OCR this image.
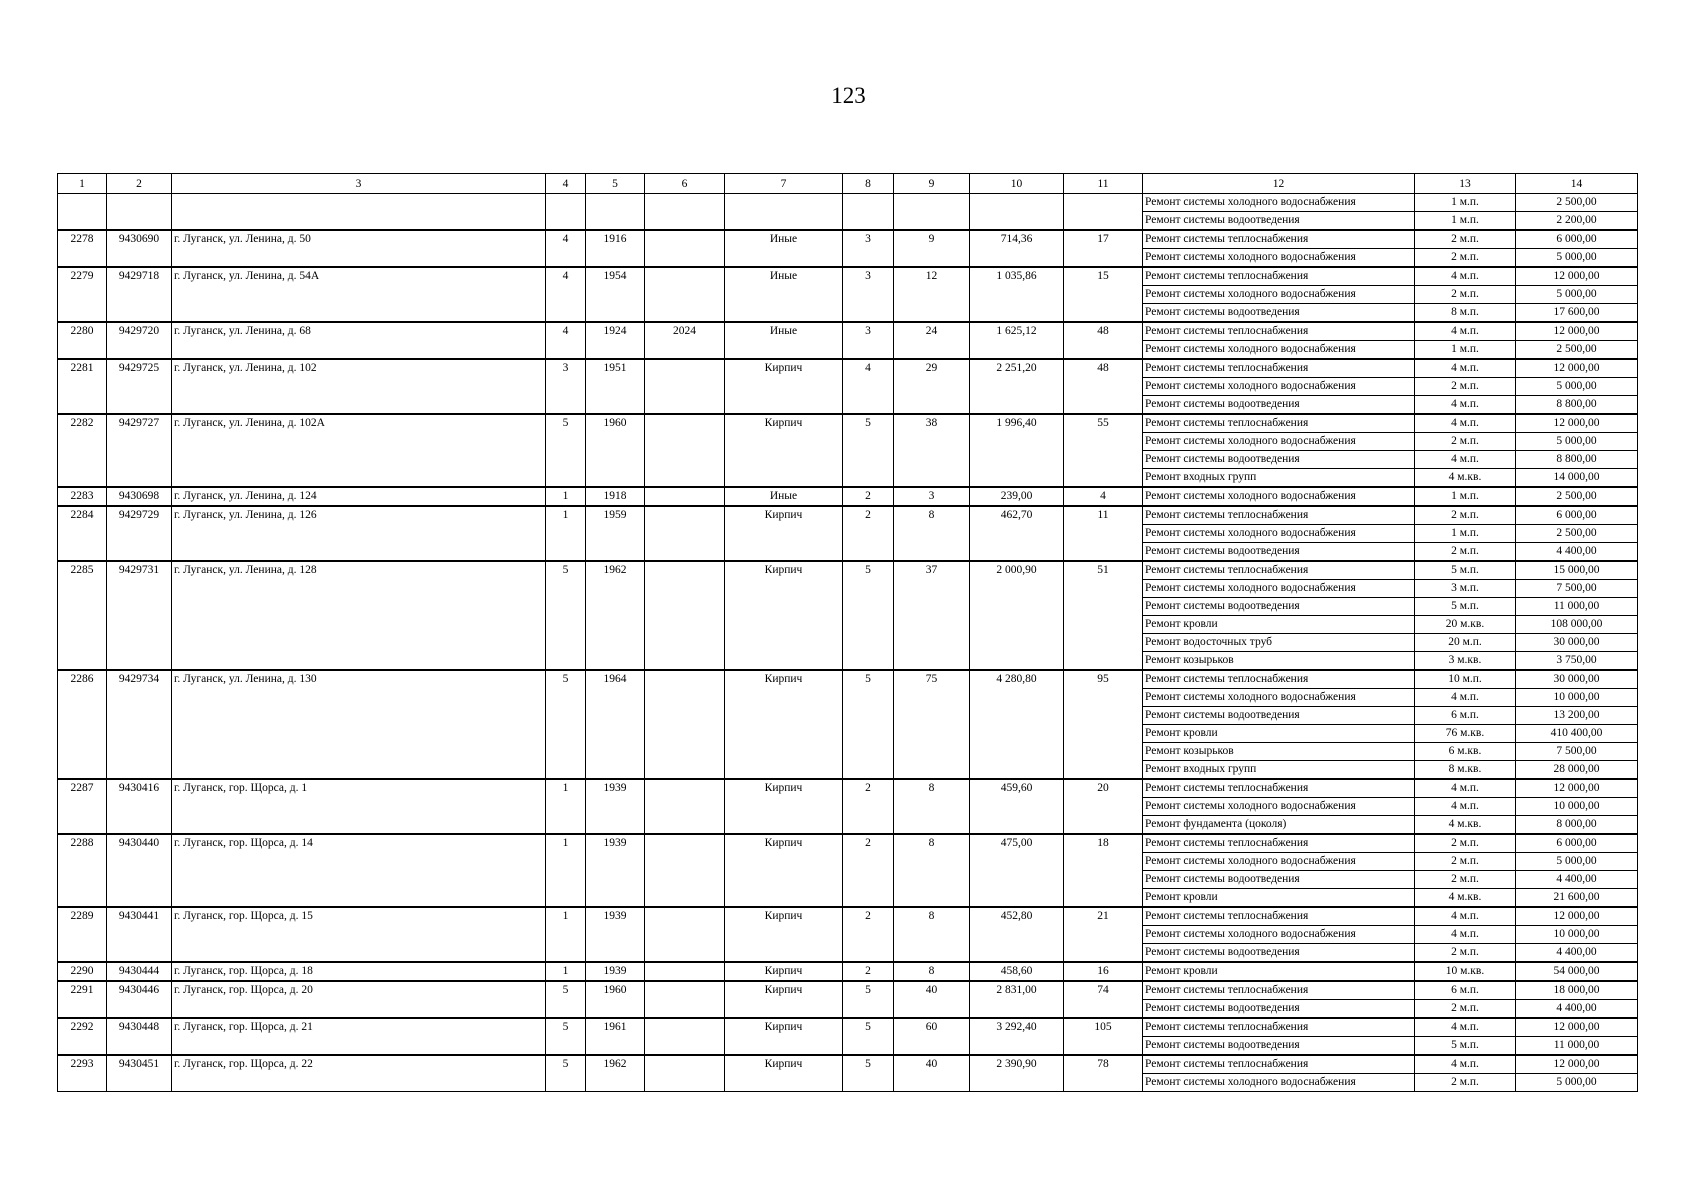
123
1	2	3	4	5	6	7	8	9	10	11	12	13	14
											Ремонт системы холодного водоснабжения	1 м.п.	2 500,00
											Ремонт системы водоотведения	1 м.п.	2 200,00
2278	9430690	г. Луганск, ул. Ленина, д. 50	4	1916		Иные	3	9	714,36	17	Ремонт системы теплоснабжения	2 м.п.	6 000,00
											Ремонт системы холодного водоснабжения	2 м.п.	5 000,00
2279	9429718	г. Луганск, ул. Ленина, д. 54А	4	1954		Иные	3	12	1 035,86	15	Ремонт системы теплоснабжения	4 м.п.	12 000,00
											Ремонт системы холодного водоснабжения	2 м.п.	5 000,00
											Ремонт системы водоотведения	8 м.п.	17 600,00
2280	9429720	г. Луганск, ул. Ленина, д. 68	4	1924	2024	Иные	3	24	1 625,12	48	Ремонт системы теплоснабжения	4 м.п.	12 000,00
											Ремонт системы холодного водоснабжения	1 м.п.	2 500,00
2281	9429725	г. Луганск, ул. Ленина, д. 102	3	1951		Кирпич	4	29	2 251,20	48	Ремонт системы теплоснабжения	4 м.п.	12 000,00
											Ремонт системы холодного водоснабжения	2 м.п.	5 000,00
											Ремонт системы водоотведения	4 м.п.	8 800,00
2282	9429727	г. Луганск, ул. Ленина, д. 102А	5	1960		Кирпич	5	38	1 996,40	55	Ремонт системы теплоснабжения	4 м.п.	12 000,00
											Ремонт системы холодного водоснабжения	2 м.п.	5 000,00
											Ремонт системы водоотведения	4 м.п.	8 800,00
											Ремонт входных групп	4 м.кв.	14 000,00
2283	9430698	г. Луганск, ул. Ленина, д. 124	1	1918		Иные	2	3	239,00	4	Ремонт системы холодного водоснабжения	1 м.п.	2 500,00
2284	9429729	г. Луганск, ул. Ленина, д. 126	1	1959		Кирпич	2	8	462,70	11	Ремонт системы теплоснабжения	2 м.п.	6 000,00
											Ремонт системы холодного водоснабжения	1 м.п.	2 500,00
											Ремонт системы водоотведения	2 м.п.	4 400,00
2285	9429731	г. Луганск, ул. Ленина, д. 128	5	1962		Кирпич	5	37	2 000,90	51	Ремонт системы теплоснабжения	5 м.п.	15 000,00
											Ремонт системы холодного водоснабжения	3 м.п.	7 500,00
											Ремонт системы водоотведения	5 м.п.	11 000,00
											Ремонт кровли	20 м.кв.	108 000,00
											Ремонт водосточных труб	20 м.п.	30 000,00
											Ремонт козырьков	3 м.кв.	3 750,00
2286	9429734	г. Луганск, ул. Ленина, д. 130	5	1964		Кирпич	5	75	4 280,80	95	Ремонт системы теплоснабжения	10 м.п.	30 000,00
											Ремонт системы холодного водоснабжения	4 м.п.	10 000,00
											Ремонт системы водоотведения	6 м.п.	13 200,00
											Ремонт кровли	76 м.кв.	410 400,00
											Ремонт козырьков	6 м.кв.	7 500,00
											Ремонт входных групп	8 м.кв.	28 000,00
2287	9430416	г. Луганск, гор. Щорса, д. 1	1	1939		Кирпич	2	8	459,60	20	Ремонт системы теплоснабжения	4 м.п.	12 000,00
											Ремонт системы холодного водоснабжения	4 м.п.	10 000,00
											Ремонт фундамента (цоколя)	4 м.кв.	8 000,00
2288	9430440	г. Луганск, гор. Щорса, д. 14	1	1939		Кирпич	2	8	475,00	18	Ремонт системы теплоснабжения	2 м.п.	6 000,00
											Ремонт системы холодного водоснабжения	2 м.п.	5 000,00
											Ремонт системы водоотведения	2 м.п.	4 400,00
											Ремонт кровли	4 м.кв.	21 600,00
2289	9430441	г. Луганск, гор. Щорса, д. 15	1	1939		Кирпич	2	8	452,80	21	Ремонт системы теплоснабжения	4 м.п.	12 000,00
											Ремонт системы холодного водоснабжения	4 м.п.	10 000,00
											Ремонт системы водоотведения	2 м.п.	4 400,00
2290	9430444	г. Луганск, гор. Щорса, д. 18	1	1939		Кирпич	2	8	458,60	16	Ремонт кровли	10 м.кв.	54 000,00
2291	9430446	г. Луганск, гор. Щорса, д. 20	5	1960		Кирпич	5	40	2 831,00	74	Ремонт системы теплоснабжения	6 м.п.	18 000,00
											Ремонт системы водоотведения	2 м.п.	4 400,00
2292	9430448	г. Луганск, гор. Щорса, д. 21	5	1961		Кирпич	5	60	3 292,40	105	Ремонт системы теплоснабжения	4 м.п.	12 000,00
											Ремонт системы водоотведения	5 м.п.	11 000,00
2293	9430451	г. Луганск, гор. Щорса, д. 22	5	1962		Кирпич	5	40	2 390,90	78	Ремонт системы теплоснабжения	4 м.п.	12 000,00
											Ремонт системы холодного водоснабжения	2 м.п.	5 000,00
